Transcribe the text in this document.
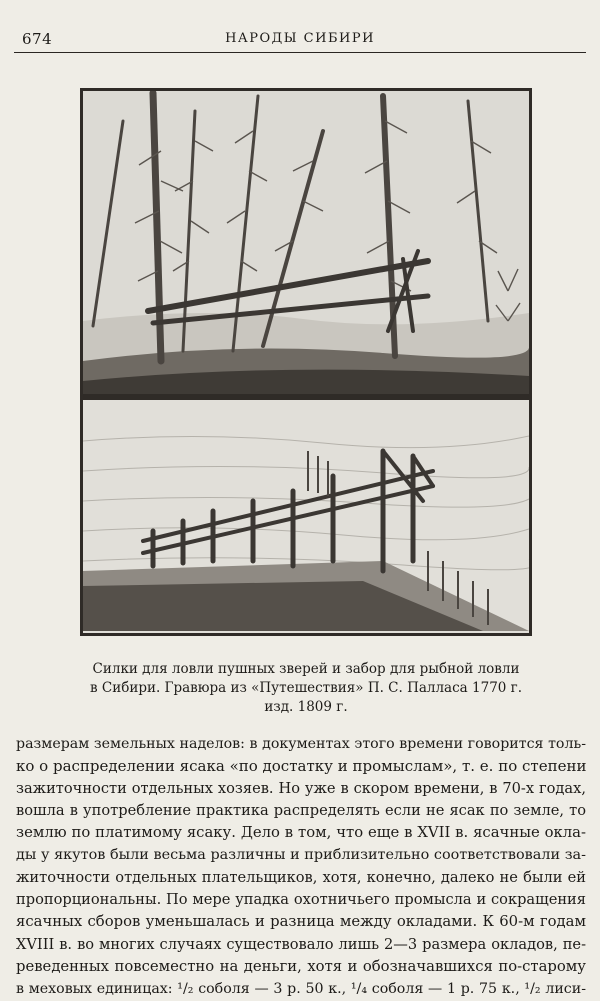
674	НАРОДЫ СИБИРИ
Силки для ловли пушных зверей и забор для рыбной ловли
в Сибири. Гравюра из «Путешествия» П. С. Палласа 1770 г.
изд. 1809 г.
размерам земельных наделов: в документах этого времени говорится толь-
ко о распределении ясака «по достатку и промыслам», т. е. по степени
зажиточности отдельных хозяев. Но уже в скором времени, в 70-х годах,
вошла в употребление практика распределять если не ясак по земле, то
землю по платимому ясаку. Дело в том, что еще в XVII в. ясачные окла-
ды у якутов были весьма различны и приблизительно соответствовали за-
житочности отдельных плательщиков, хотя, конечно, далеко не были ей
пропорциональны. По мере упадка охотничьего промысла и сокращения
ясачных сборов уменьшалась и разница между окладами. К 60-м годам
XVIII в. во многих случаях существовало лишь 2—3 размера окладов, пе-
реведенных повсеместно на деньги, хотя и обозначавшихся по-старому
в меховых единицах: ¹/₂ соболя — 3 р. 50 к., ¹/₄ соболя — 1 р. 75 к., ¹/₂ лиси-
